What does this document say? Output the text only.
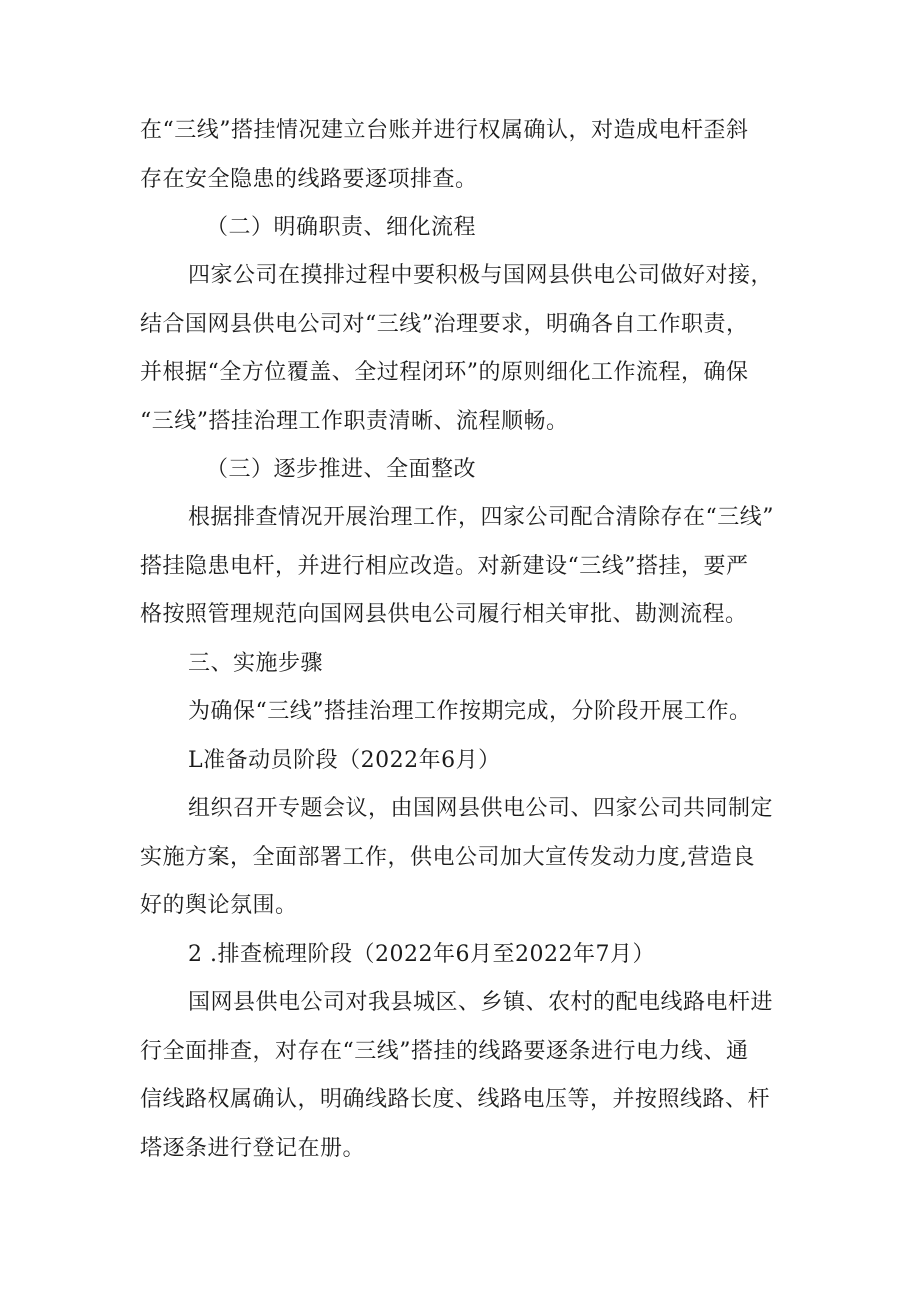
在“三线”搭挂情况建立台账并进行权属确认，对造成电杆歪斜
存在安全隐患的线路要逐项排查。
（二）明确职责、细化流程
四家公司在摸排过程中要积极与国网县供电公司做好对接，
结合国网县供电公司对“三线”治理要求，明确各自工作职责，
并根据“全方位覆盖、全过程闭环”的原则细化工作流程，确保
“三线”搭挂治理工作职责清晰、流程顺畅。
（三）逐步推进、全面整改
根据排查情况开展治理工作，四家公司配合清除存在“三线”
搭挂隐患电杆，并进行相应改造。对新建设“三线”搭挂，要严
格按照管理规范向国网县供电公司履行相关审批、勘测流程。
三、实施步骤
为确保“三线”搭挂治理工作按期完成，分阶段开展工作。
L准备动员阶段（2022年6月）
组织召开专题会议，由国网县供电公司、四家公司共同制定
实施方案，全面部署工作，供电公司加大宣传发动力度,营造良
好的舆论氛围。
2 .排查梳理阶段（2022年6月至2022年7月）
国网县供电公司对我县城区、乡镇、农村的配电线路电杆进
行全面排查，对存在“三线”搭挂的线路要逐条进行电力线、通
信线路权属确认，明确线路长度、线路电压等，并按照线路、杆
塔逐条进行登记在册。
